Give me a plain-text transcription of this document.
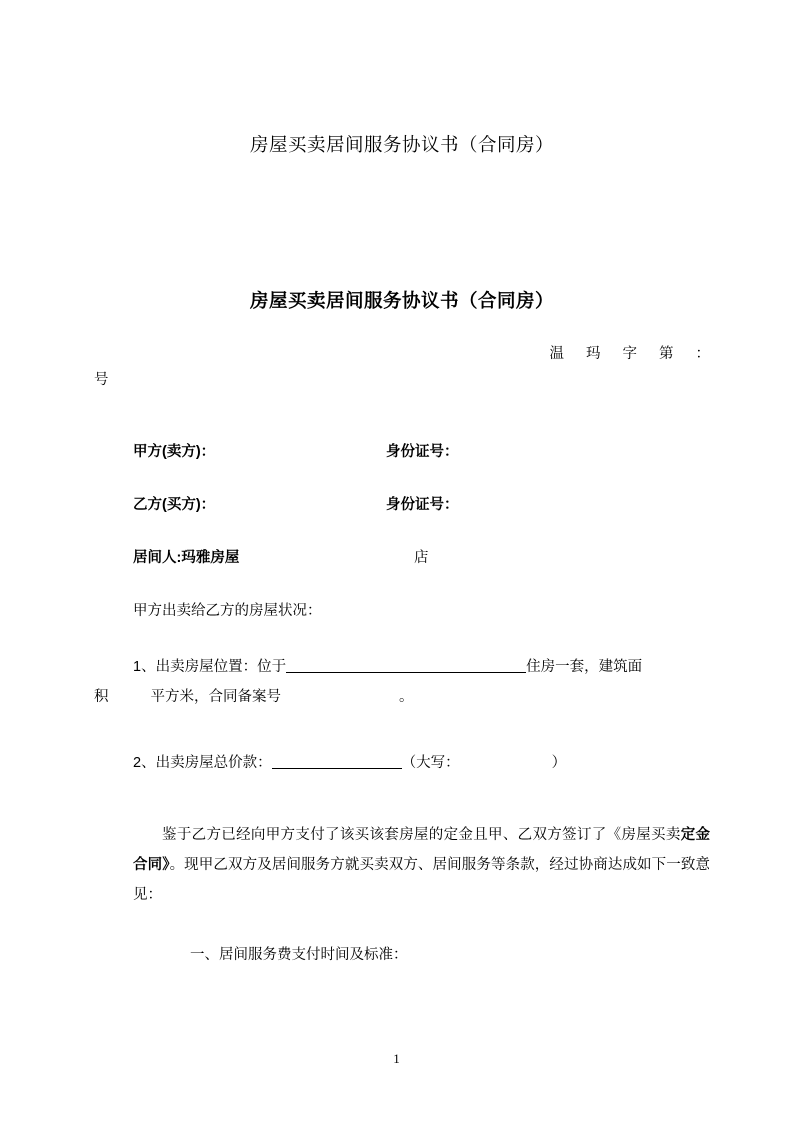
房屋买卖居间服务协议书（合同房）
房屋买卖居间服务协议书（合同房）

温 玛 字 第 ：

号

甲方(卖方)：	身份证号：

乙方(买方)：	身份证号：

居间人:玛雅房屋	店

甲方出卖给乙方的房屋状况：

1、出卖房屋位置：位于	住房一套，建筑面
积	平方米，合同备案号	。

2、出卖房屋总价款：	（大写：	）

鉴于乙方已经向甲方支付了该买该套房屋的定金且甲、乙双方签订了《房屋买卖定金合同》。现甲乙双方及居间服务方就买卖双方、居间服务等条款，经过协商达成如下一致意见：

一、居间服务费支付时间及标准：

1
